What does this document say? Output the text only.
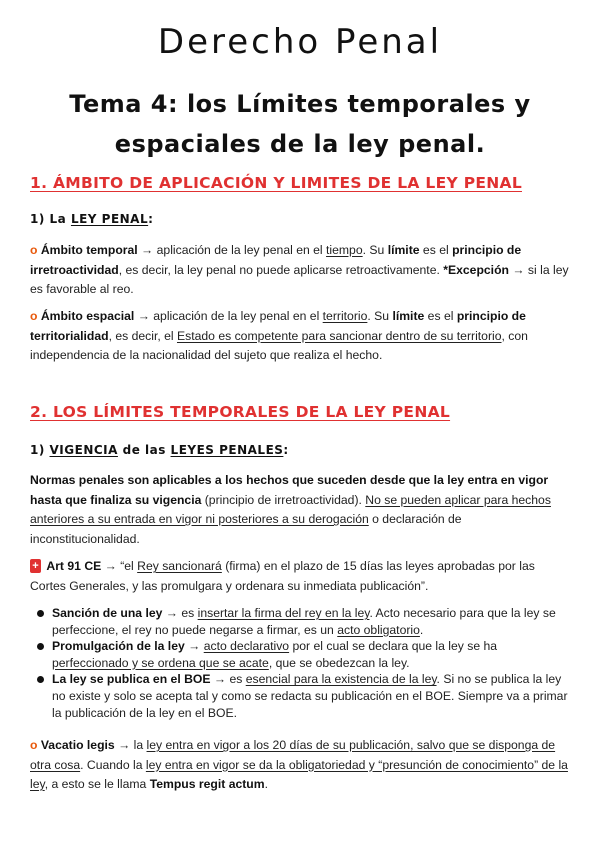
Derecho Penal
Tema 4: los Límites temporales y espaciales de la ley penal.
1. ÁMBITO DE APLICACIÓN Y LIMITES DE LA LEY PENAL
1) La LEY PENAL:
o Ámbito temporal → aplicación de la ley penal en el tiempo. Su límite es el principio de irretroactividad, es decir, la ley penal no puede aplicarse retroactivamente. *Excepción → si la ley es favorable al reo.
o Ámbito espacial → aplicación de la ley penal en el territorio. Su límite es el principio de territorialidad, es decir, el Estado es competente para sancionar dentro de su territorio, con independencia de la nacionalidad del sujeto que realiza el hecho.
2. LOS LÍMITES TEMPORALES DE LA LEY PENAL
1) VIGENCIA de las LEYES PENALES:
Normas penales son aplicables a los hechos que suceden desde que la ley entra en vigor hasta que finaliza su vigencia (principio de irretroactividad). No se pueden aplicar para hechos anteriores a su entrada en vigor ni posteriores a su derogación o declaración de inconstitucionalidad.
+ Art 91 CE → “el Rey sancionará (firma) en el plazo de 15 días las leyes aprobadas por las Cortes Generales, y las promulgara y ordenara su inmediata publicación”.
Sanción de una ley → es insertar la firma del rey en la ley. Acto necesario para que la ley se perfeccione, el rey no puede negarse a firmar, es un acto obligatorio.
Promulgación de la ley → acto declarativo por el cual se declara que la ley se ha perfeccionado y se ordena que se acate, que se obedezcan la ley.
La ley se publica en el BOE → es esencial para la existencia de la ley. Si no se publica la ley no existe y solo se acepta tal y como se redacta su publicación en el BOE. Siempre va a primar la publicación de la ley en el BOE.
o Vacatio legis → la ley entra en vigor a los 20 días de su publicación, salvo que se disponga de otra cosa. Cuando la ley entra en vigor se da la obligatoriedad y “presunción de conocimiento” de la ley, a esto se le llama Tempus regit actum.
